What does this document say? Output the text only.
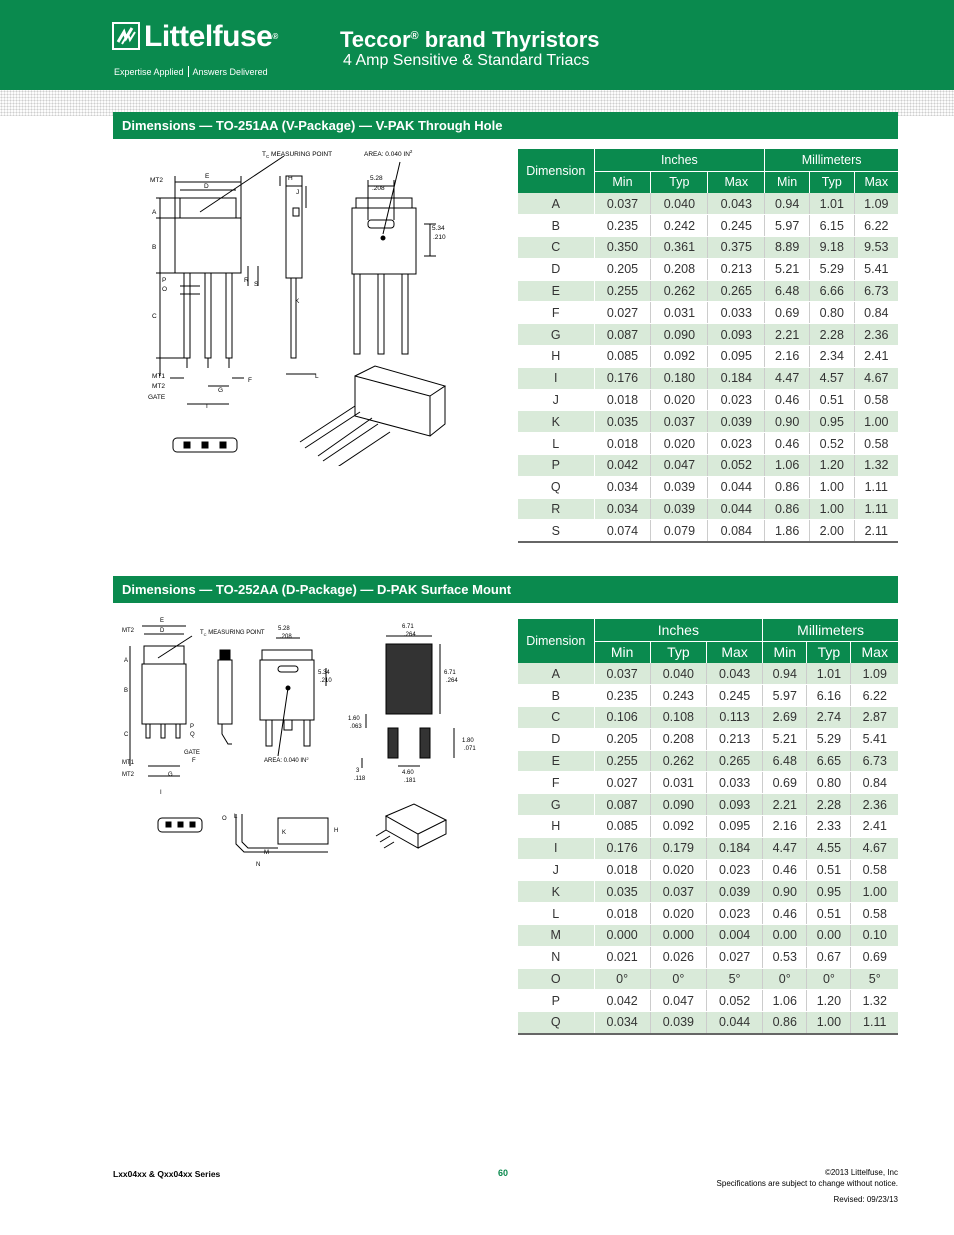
Littelfuse®
Expertise Applied Answers Delivered
Teccor® brand Thyristors
4 Amp Sensitive & Standard Triacs
Dimensions — TO-251AA (V-Package) — V-PAK Through Hole
$T_C$ MEASURING POINT	AREA: 0.040 $IN^2$
MT2
E
D
A
B
P
O
C
R
S
H
J
K
L
MT1
MT2
GATE
G
I
F
5.28
.208
5.34
.210
Dimension	Inches			Millimeters		
	Min	Typ	Max	Min	Typ	Max
A	0.037	0.040	0.043	0.94	1.01	1.09
B	0.235	0.242	0.245	5.97	6.15	6.22
C	0.350	0.361	0.375	8.89	9.18	9.53
D	0.205	0.208	0.213	5.21	5.29	5.41
E	0.255	0.262	0.265	6.48	6.66	6.73
F	0.027	0.031	0.033	0.69	0.80	0.84
G	0.087	0.090	0.093	2.21	2.28	2.36
H	0.085	0.092	0.095	2.16	2.34	2.41
I	0.176	0.180	0.184	4.47	4.57	4.67
J	0.018	0.020	0.023	0.46	0.51	0.58
K	0.035	0.037	0.039	0.90	0.95	1.00
L	0.018	0.020	0.023	0.46	0.52	0.58
P	0.042	0.047	0.052	1.06	1.20	1.32
Q	0.034	0.039	0.044	0.86	1.00	1.11
R	0.034	0.039	0.044	0.86	1.00	1.11
S	0.074	0.079	0.084	1.86	2.00	2.11
Dimensions — TO-252AA (D-Package) — D-PAK Surface Mount
MT2
E
D	$T_C$ MEASURING POINT
A
B
P
Q
C
GATE
MT1
MT2	G
F
I
5.28
.208
5.34
.210
AREA: 0.040 $IN^2$
6.71
.264
6.71
.264
1.60
.063
1.80
.071
3
.118
4.60
.181
O L
K	H
M
N
Dimension	Inches			Millimeters		
	Min	Typ	Max	Min	Typ	Max
A	0.037	0.040	0.043	0.94	1.01	1.09
B	0.235	0.243	0.245	5.97	6.16	6.22
C	0.106	0.108	0.113	2.69	2.74	2.87
D	0.205	0.208	0.213	5.21	5.29	5.41
E	0.255	0.262	0.265	6.48	6.65	6.73
F	0.027	0.031	0.033	0.69	0.80	0.84
G	0.087	0.090	0.093	2.21	2.28	2.36
H	0.085	0.092	0.095	2.16	2.33	2.41
I	0.176	0.179	0.184	4.47	4.55	4.67
J	0.018	0.020	0.023	0.46	0.51	0.58
K	0.035	0.037	0.039	0.90	0.95	1.00
L	0.018	0.020	0.023	0.46	0.51	0.58
M	0.000	0.000	0.004	0.00	0.00	0.10
N	0.021	0.026	0.027	0.53	0.67	0.69
O	0°	0°	5°	0°	0°	5°
P	0.042	0.047	0.052	1.06	1.20	1.32
Q	0.034	0.039	0.044	0.86	1.00	1.11
Lxx04xx & Qxx04xx Series	60	©2013 Littelfuse, Inc
Specifications are subject to change without notice.
Revised: 09/23/13
